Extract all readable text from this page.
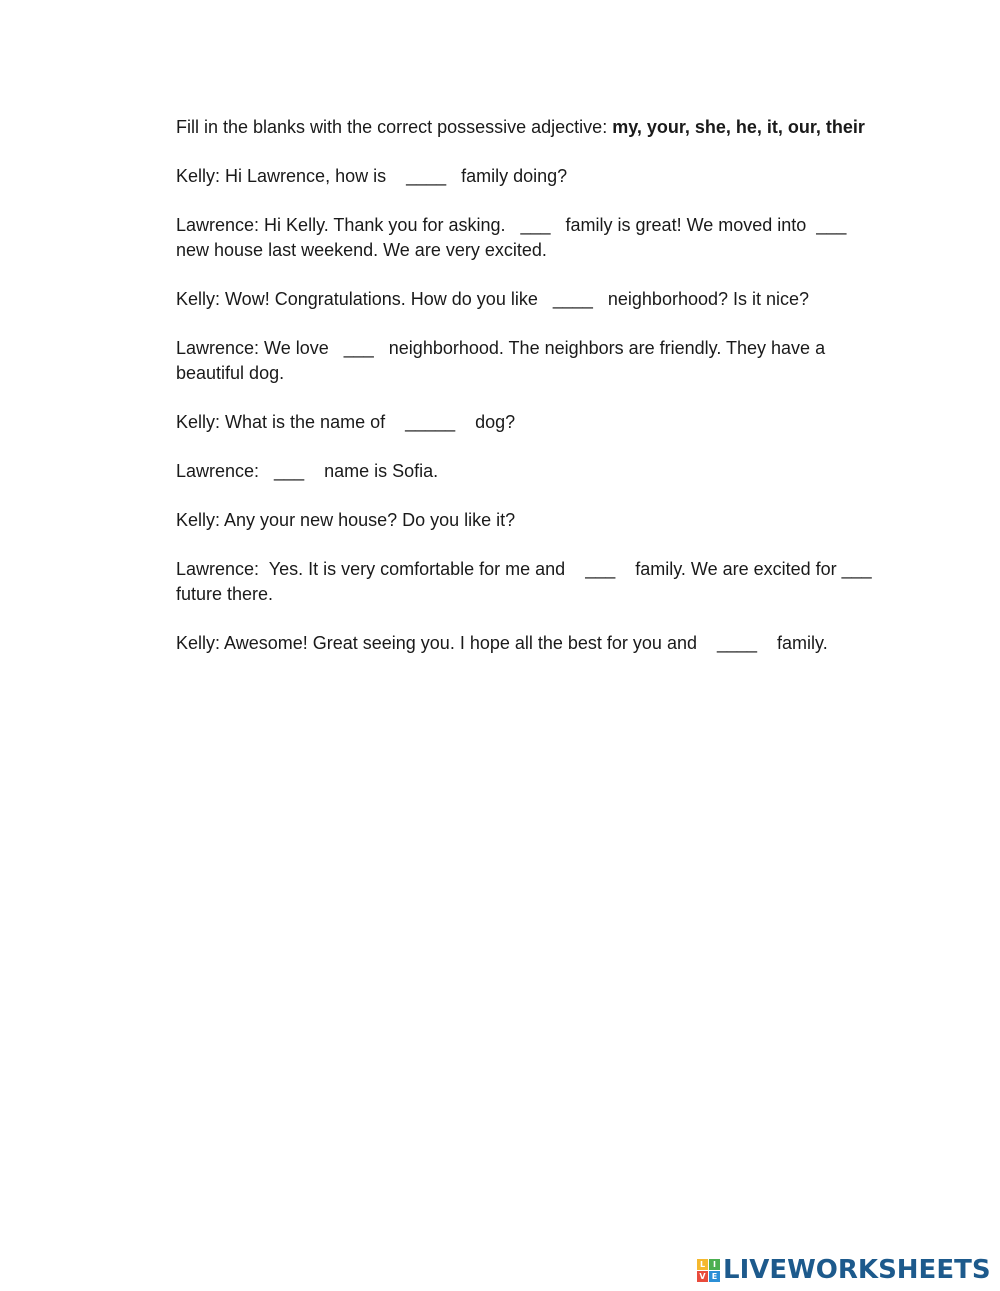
Fill in the blanks with the correct possessive adjective: my, your, she, he, it, our, their

Kelly: Hi Lawrence, how is    ____   family doing?

Lawrence: Hi Kelly. Thank you for asking.   ___   family is great! We moved into  ___ new house last weekend. We are very excited.

Kelly: Wow! Congratulations. How do you like   ____   neighborhood? Is it nice?

Lawrence: We love   ___   neighborhood. The neighbors are friendly. They have a beautiful dog.

Kelly: What is the name of    _____    dog?

Lawrence:   ___    name is Sofia.

Kelly: Any your new house? Do you like it?

Lawrence:  Yes. It is very comfortable for me and    ___    family. We are excited for ___    future there.

Kelly: Awesome! Great seeing you. I hope all the best for you and    ____    family.

L I
V E LIVEWORKSHEETS
